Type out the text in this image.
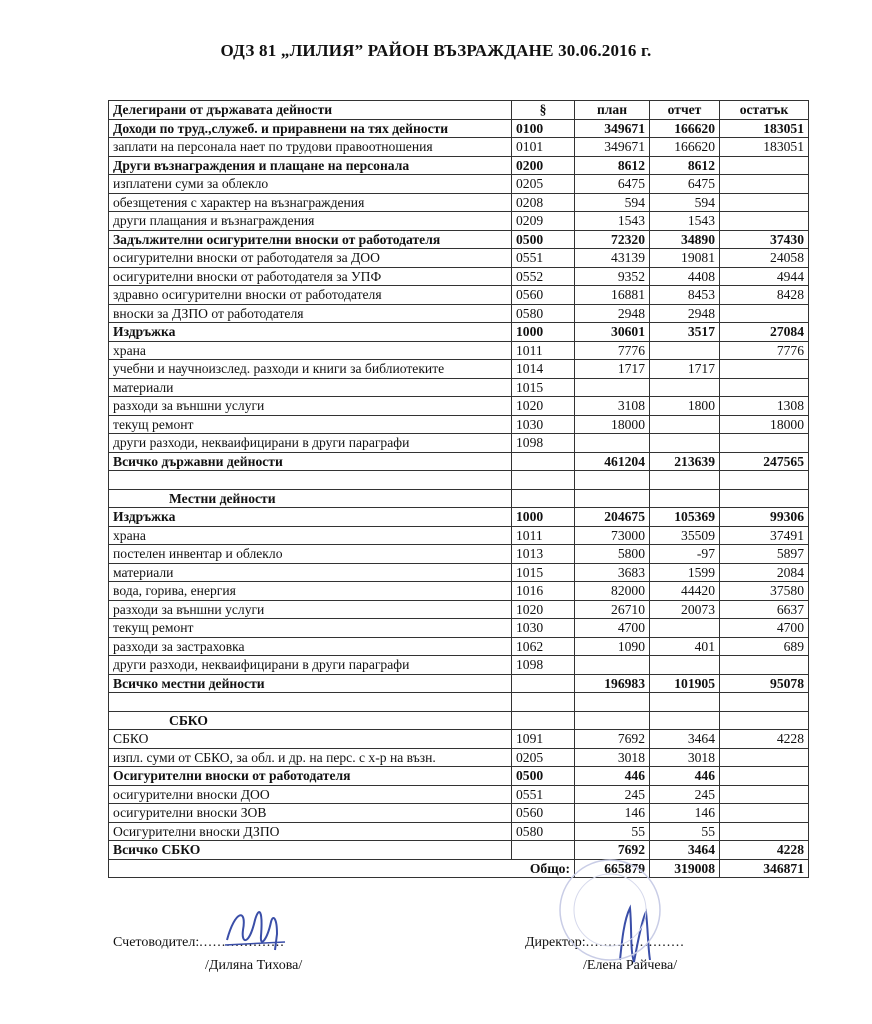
ОДЗ 81 „ЛИЛИЯ” РАЙОН ВЪЗРАЖДАНЕ 30.06.2016 г.
Делегирани от държавата дейности	§	план	отчет	остатък
Доходи по труд.,служеб. и приравнени на тях дейности	0100	349671	166620	183051
заплати на персонала нает по трудови правоотношения	0101	349671	166620	183051
Други възнаграждения и плащане на персонала	0200	8612	8612	
изплатени суми за облекло	0205	6475	6475	
обезщетения с характер на възнаграждения	0208	594	594	
други плащания и възнаграждения	0209	1543	1543	
Задължителни осигурителни вноски от работодателя	0500	72320	34890	37430
осигурителни вноски от работодателя за ДОО	0551	43139	19081	24058
осигурителни вноски от работодателя за УПФ	0552	9352	4408	4944
здравно осигурителни вноски от работодателя	0560	16881	8453	8428
вноски за ДЗПО от работодателя	0580	2948	2948	
Издръжка	1000	30601	3517	27084
храна	1011	7776		7776
учебни и научноизслед. разходи и книги за библиотеките	1014	1717	1717	
материали	1015			
разходи за външни услуги	1020	3108	1800	1308
текущ ремонт	1030	18000		18000
други разходи, некваифицирани в други параграфи	1098			
Всичко държавни дейности		461204	213639	247565

Местни дейности				
Издръжка	1000	204675	105369	99306
храна	1011	73000	35509	37491
постелен инвентар и облекло	1013	5800	-97	5897
материали	1015	3683	1599	2084
вода, горива, енергия	1016	82000	44420	37580
разходи за външни услуги	1020	26710	20073	6637
текущ ремонт	1030	4700		4700
разходи за застраховка	1062	1090	401	689
други разходи, некваифицирани в други параграфи	1098			
Всичко местни дейности		196983	101905	95078

СБКО				
СБКО	1091	7692	3464	4228
изпл. суми от СБКО, за обл. и др. на перс. с х-р на възн.	0205	3018	3018	
Осигурителни вноски от работодателя	0500	446	446	
осигурителни вноски ДОО	0551	245	245	
осигурителни вноски ЗОВ	0560	146	146	
Осигурителни вноски ДЗПО	0580	55	55	
Всичко СБКО		7692	3464	4228
Общо:		665879	319008	346871
Счетоводител:...................
/Диляна Тихова/
Директор:......................
/Елена Райчева/
